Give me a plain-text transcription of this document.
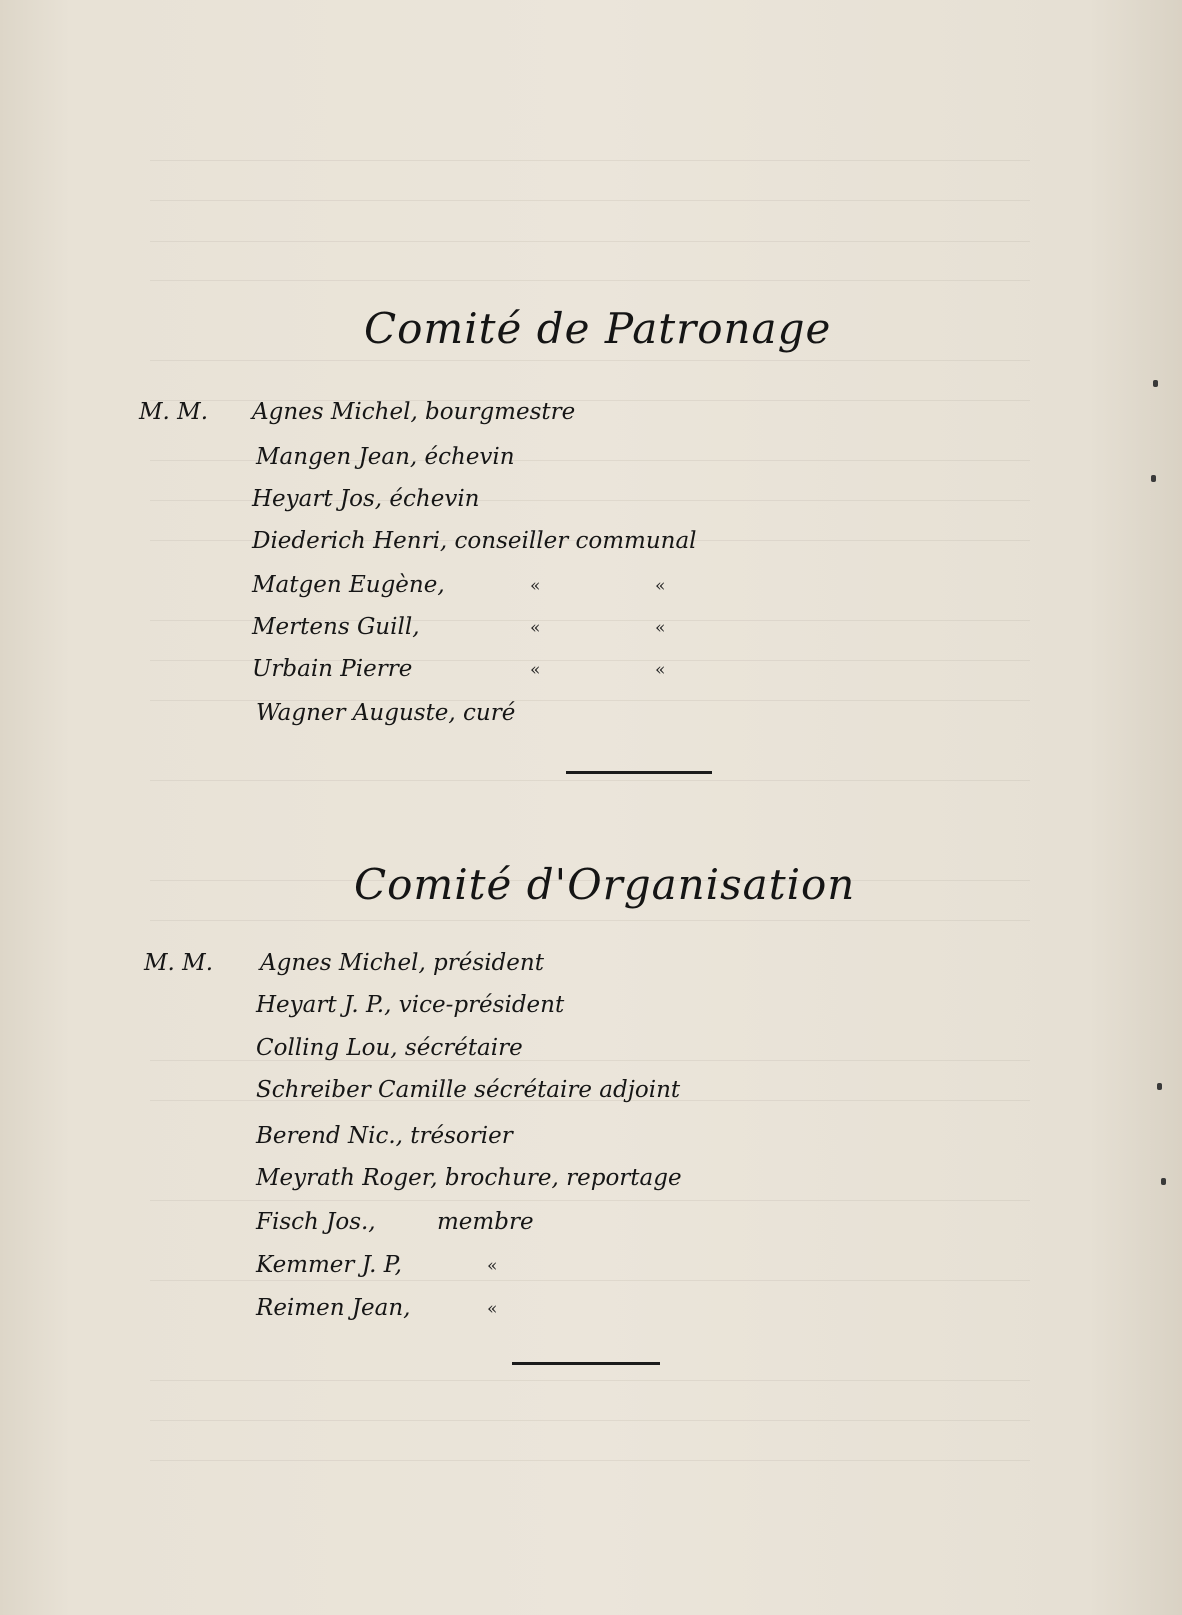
Comité de Patronage
M. M. Agnes Michel, bourgmestre
Mangen Jean, échevin
Heyart Jos, échevin
Diederich Henri, conseiller communal
Matgen Eugène,	«	«
Mertens Guill,	«	«
Urbain Pierre	«	«
Wagner Auguste, curé
Comité d'Organisation
M. M. Agnes Michel, président
Heyart J. P., vice-président
Colling Lou, sécrétaire
Schreiber Camille sécrétaire adjoint
Berend Nic., trésorier
Meyrath Roger, brochure, reportage
Fisch Jos.,	membre
Kemmer J. P,	«
Reimen Jean,	«
